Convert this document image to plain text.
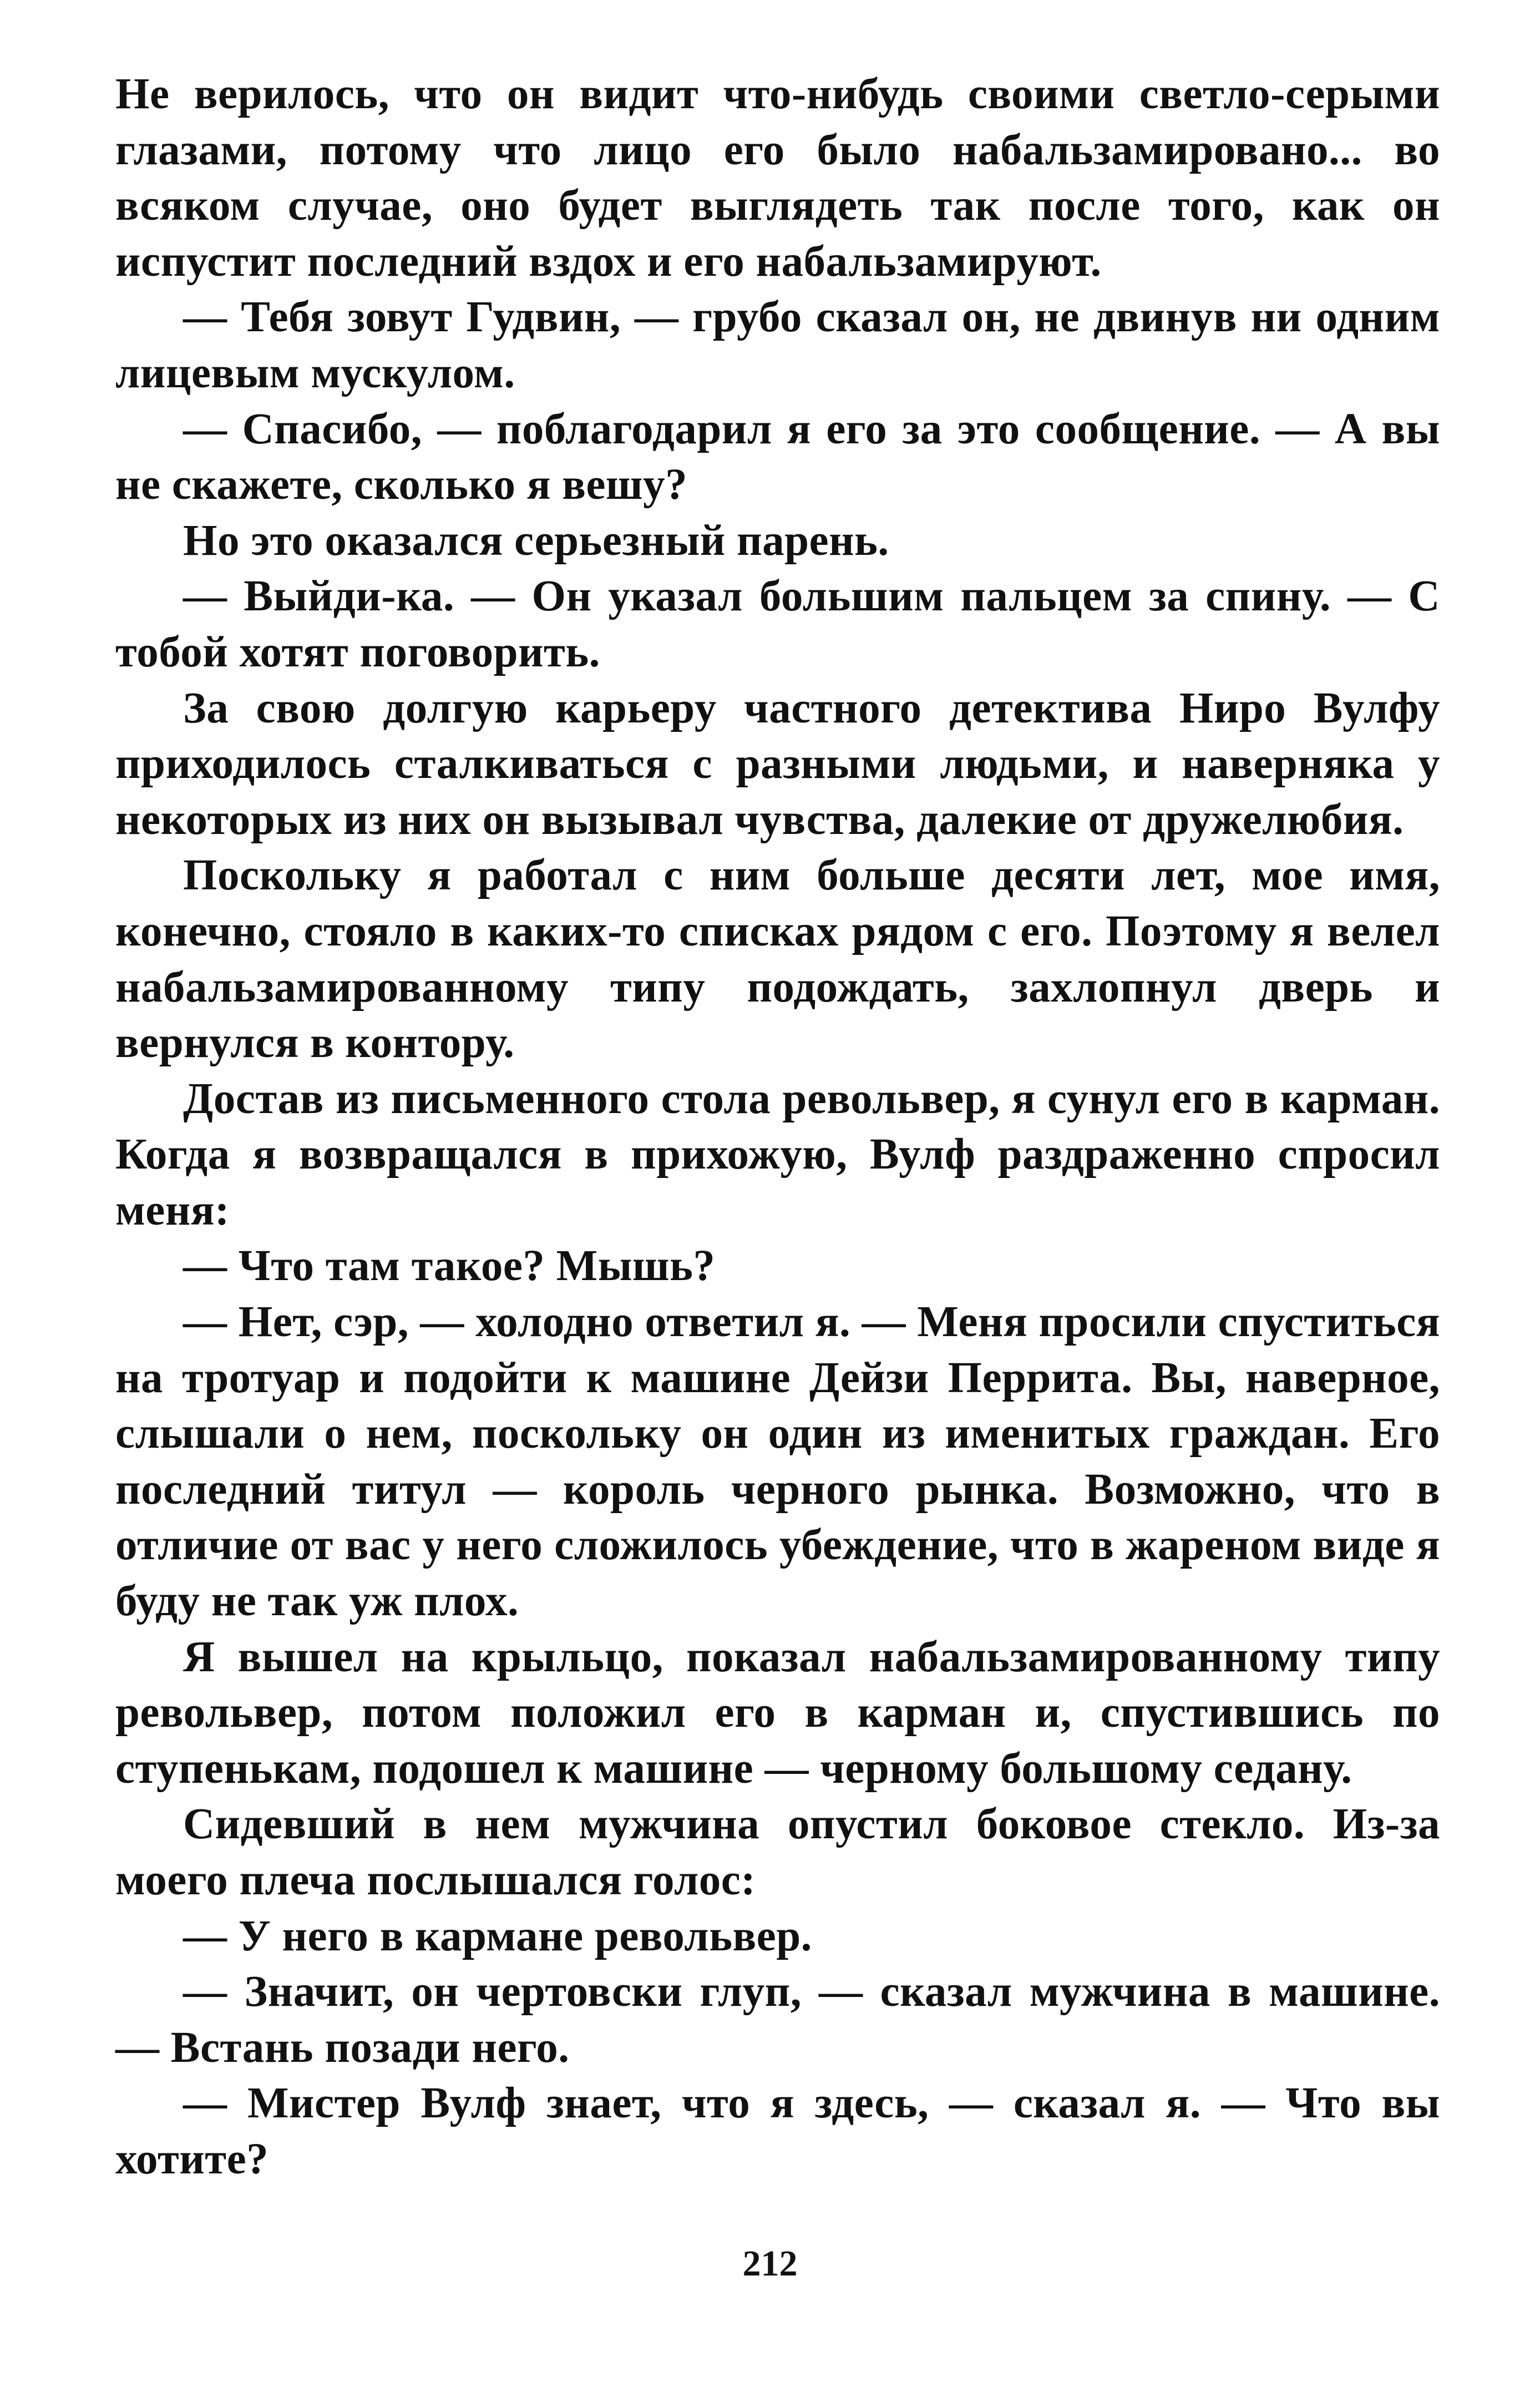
Не верилось, что он видит что-нибудь своими светло-серыми глазами, потому что лицо его было набальзамировано... во всяком случае, оно будет выглядеть так после того, как он испустит последний вздох и его набальзамируют.

— Тебя зовут Гудвин, — грубо сказал он, не двинув ни одним лицевым мускулом.

— Спасибо, — поблагодарил я его за это сообщение. — А вы не скажете, сколько я вешу?

Но это оказался серьезный парень.

— Выйди-ка. — Он указал большим пальцем за спину. — С тобой хотят поговорить.

За свою долгую карьеру частного детектива Ниро Вулфу приходилось сталкиваться с разными людьми, и наверняка у некоторых из них он вызывал чувства, далекие от дружелюбия.

Поскольку я работал с ним больше десяти лет, мое имя, конечно, стояло в каких-то списках рядом с его. Поэтому я велел набальзамированному типу подождать, захлопнул дверь и вернулся в контору.

Достав из письменного стола револьвер, я сунул его в карман. Когда я возвращался в прихожую, Вулф раздраженно спросил меня:

— Что там такое? Мышь?

— Нет, сэр, — холодно ответил я. — Меня просили спуститься на тротуар и подойти к машине Дейзи Перрита. Вы, наверное, слышали о нем, поскольку он один из именитых граждан. Его последний титул — король черного рынка. Возможно, что в отличие от вас у него сложилось убеждение, что в жареном виде я буду не так уж плох.

Я вышел на крыльцо, показал набальзамированному типу револьвер, потом положил его в карман и, спустившись по ступенькам, подошел к машине — черному большому седану.

Сидевший в нем мужчина опустил боковое стекло. Из-за моего плеча послышался голос:

— У него в кармане револьвер.

— Значит, он чертовски глуп, — сказал мужчина в машине. — Встань позади него.

— Мистер Вулф знает, что я здесь, — сказал я. — Что вы хотите?

212
